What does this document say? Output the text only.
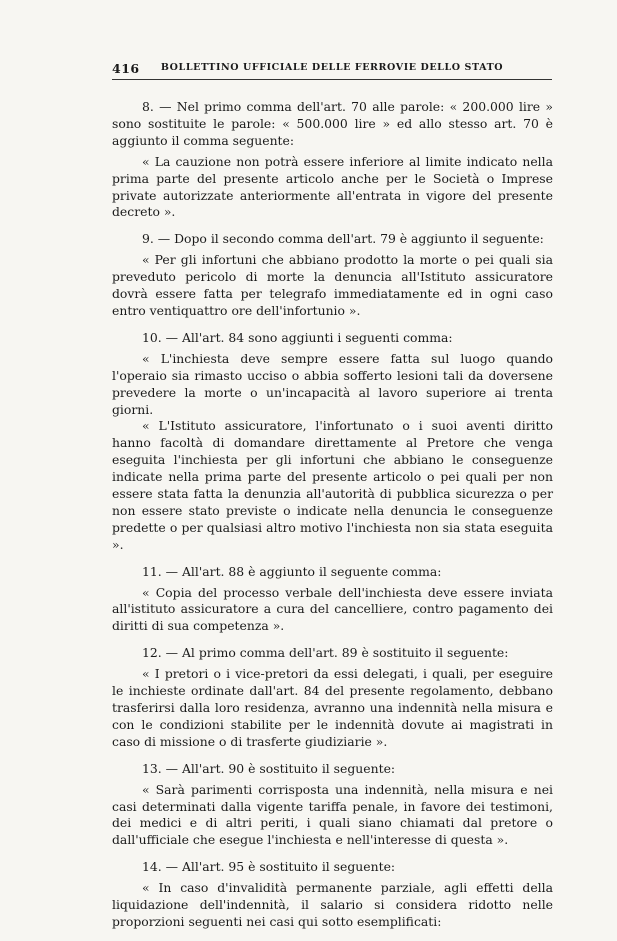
416	BOLLETTINO UFFICIALE DELLE FERROVIE DELLO STATO

8. — Nel primo comma dell'art. 70 alle parole: « 200.000 lire » sono sostituite le parole: « 500.000 lire » ed allo stesso art. 70 è aggiunto il comma seguente:

« La cauzione non potrà essere inferiore al limite indicato nella prima parte del presente articolo anche per le Società o Imprese private autorizzate anteriormente all'entrata in vigore del presente decreto ».

9. — Dopo il secondo comma dell'art. 79 è aggiunto il seguente:

« Per gli infortuni che abbiano prodotto la morte o pei quali sia preveduto pericolo di morte la denuncia all'Istituto assicuratore dovrà essere fatta per telegrafo immediatamente ed in ogni caso entro ventiquattro ore dell'infortunio ».

10. — All'art. 84 sono aggiunti i seguenti comma:

« L'inchiesta deve sempre essere fatta sul luogo quando l'operaio sia rimasto ucciso o abbia sofferto lesioni tali da doversene prevedere la morte o un'incapacità al lavoro superiore ai trenta giorni.

« L'Istituto assicuratore, l'infortunato o i suoi aventi diritto hanno facoltà di domandare direttamente al Pretore che venga eseguita l'inchiesta per gli infortuni che abbiano le conseguenze indicate nella prima parte del presente articolo o pei quali per non essere stata fatta la denunzia all'autorità di pubblica sicurezza o per non essere stato previste o indicate nella denuncia le conseguenze predette o per qualsiasi altro motivo l'inchiesta non sia stata eseguita ».

11. — All'art. 88 è aggiunto il seguente comma:

« Copia del processo verbale dell'inchiesta deve essere inviata all'istituto assicuratore a cura del cancelliere, contro pagamento dei diritti di sua competenza ».

12. — Al primo comma dell'art. 89 è sostituito il seguente:

« I pretori o i vice-pretori da essi delegati, i quali, per eseguire le inchieste ordinate dall'art. 84 del presente regolamento, debbano trasferirsi dalla loro residenza, avranno una indennità nella misura e con le condizioni stabilite per le indennità dovute ai magistrati in caso di missione o di trasferte giudiziarie ».

13. — All'art. 90 è sostituito il seguente:

« Sarà parimenti corrisposta una indennità, nella misura e nei casi determinati dalla vigente tariffa penale, in favore dei testimoni, dei medici e di altri periti, i quali siano chiamati dal pretore o dall'ufficiale che esegue l'inchiesta e nell'interesse di questa ».

14. — All'art. 95 è sostituito il seguente:

« In caso d'invalidità permanente parziale, agli effetti della liquidazione dell'indennità, il salario si considera ridotto nelle proporzioni seguenti nei casi qui sotto esemplificati:
